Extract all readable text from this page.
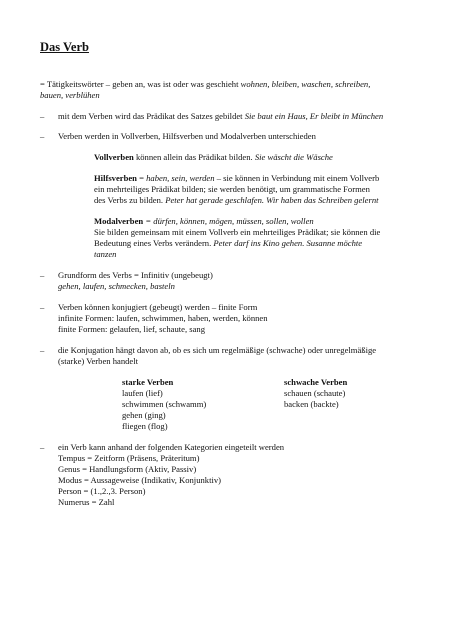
Das Verb
= Tätigkeitswörter – geben an, was ist oder was geschieht wohnen, bleiben, waschen, schreiben,
bauen, verblühen
– mit dem Verben wird das Prädikat des Satzes gebildet Sie baut ein Haus, Er bleibt in München
– Verben werden in Vollverben, Hilfsverben und Modalverben unterschieden
Vollverben können allein das Prädikat bilden. Sie wäscht die Wäsche
Hilfsverben = haben, sein, werden – sie können in Verbindung mit einem Vollverb
ein mehrteiliges Prädikat bilden; sie werden benötigt, um grammatische Formen
des Verbs zu bilden. Peter hat gerade geschlafen. Wir haben das Schreiben gelernt
Modalverben = dürfen, können, mögen, müssen, sollen, wollen
Sie bilden gemeinsam mit einem Vollverb ein mehrteiliges Prädikat; sie können die
Bedeutung eines Verbs verändern. Peter darf ins Kino gehen. Susanne möchte
tanzen
– Grundform des Verbs = Infinitiv (ungebeugt)
gehen, laufen, schmecken, basteln
– Verben können konjugiert (gebeugt) werden – finite Form
infinite Formen: laufen, schwimmen, haben, werden, können
finite Formen: gelaufen, lief, schaute, sang
– die Konjugation hängt davon ab, ob es sich um regelmäßige (schwache) oder unregelmäßige
(starke) Verben handelt
starke Verben
laufen (lief)
schwimmen (schwamm)
gehen (ging)
fliegen (flog)
schwache Verben
schauen (schaute)
backen (backte)
– ein Verb kann anhand der folgenden Kategorien eingeteilt werden
Tempus = Zeitform (Präsens, Präteritum)
Genus = Handlungsform (Aktiv, Passiv)
Modus = Aussageweise (Indikativ, Konjunktiv)
Person = (1.,2.,3. Person)
Numerus = Zahl
